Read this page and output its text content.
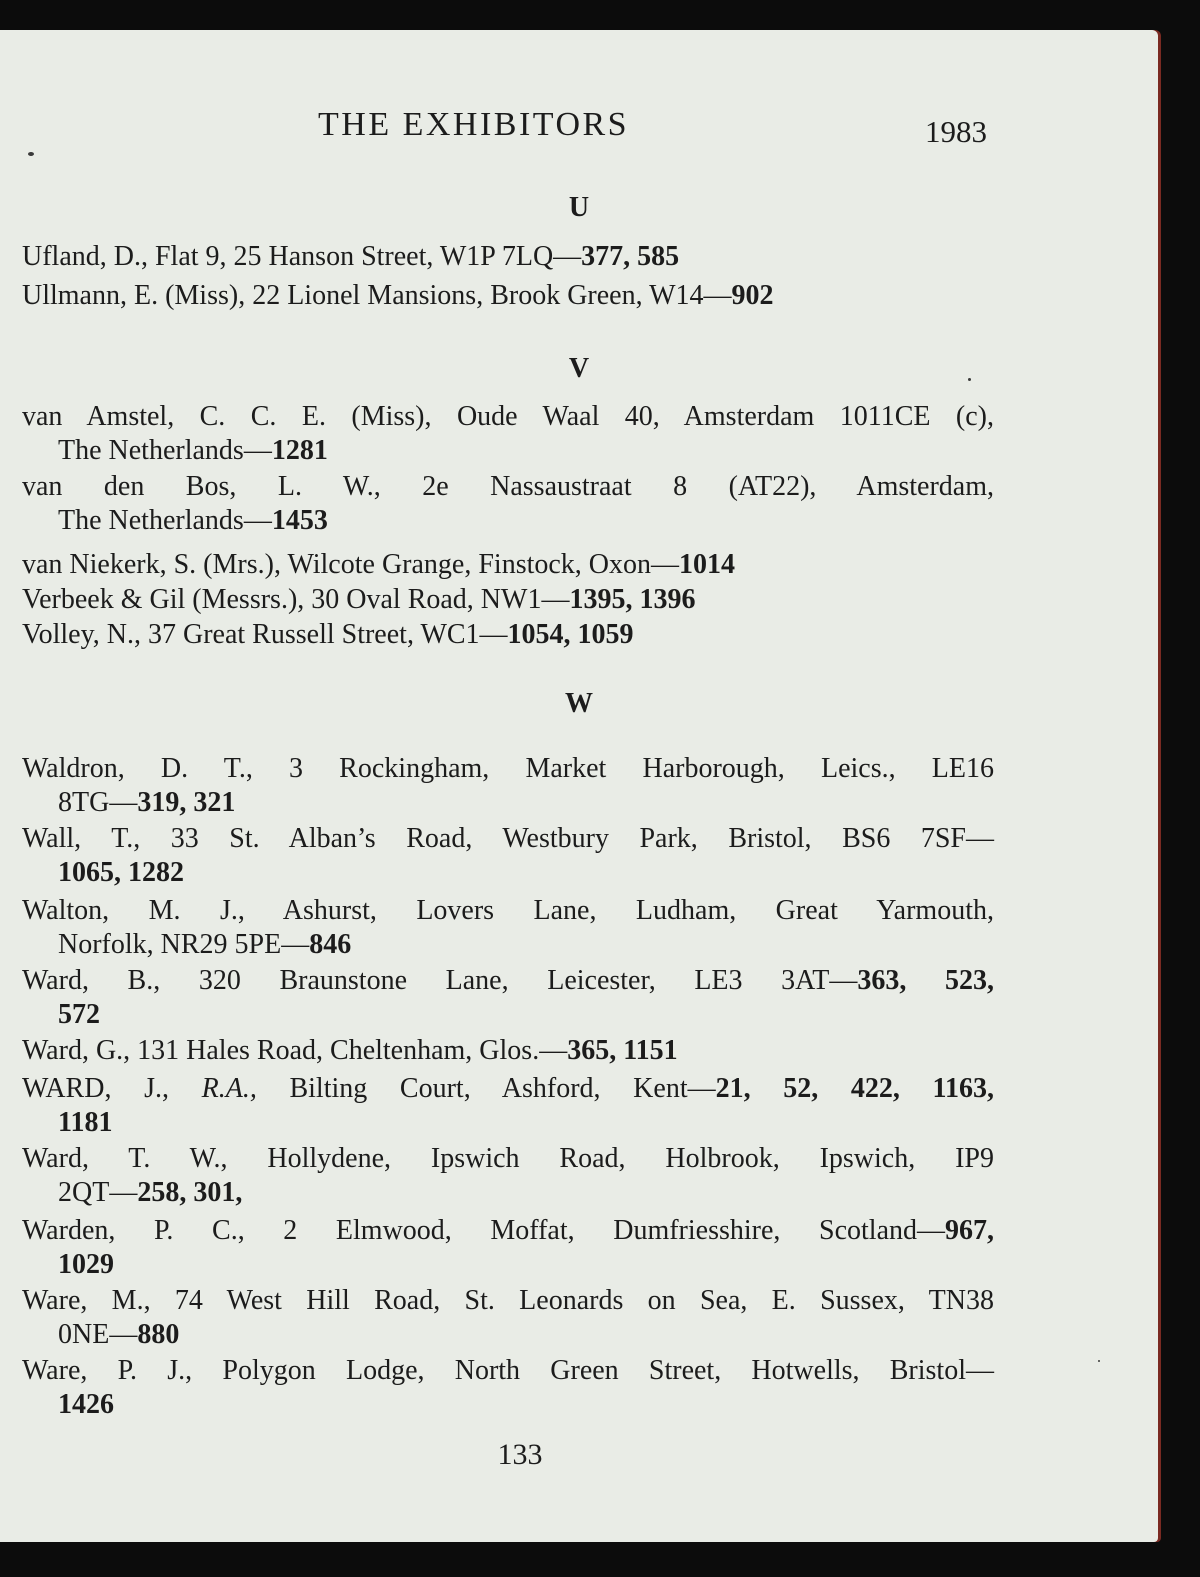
THE EXHIBITORS	1983
U
Ufland, D., Flat 9, 25 Hanson Street, W1P 7LQ—377, 585
Ullmann, E. (Miss), 22 Lionel Mansions, Brook Green, W14—902
V
van Amstel, C. C. E. (Miss), Oude Waal 40, Amsterdam 1011CE (c),
The Netherlands—1281
van den Bos, L. W., 2e Nassaustraat 8 (AT22), Amsterdam,
The Netherlands—1453
van Niekerk, S. (Mrs.), Wilcote Grange, Finstock, Oxon—1014
Verbeek & Gil (Messrs.), 30 Oval Road, NW1—1395, 1396
Volley, N., 37 Great Russell Street, WC1—1054, 1059
W
Waldron, D. T., 3 Rockingham, Market Harborough, Leics., LE16
8TG—319, 321
Wall, T., 33 St. Alban’s Road, Westbury Park, Bristol, BS6 7SF—
1065, 1282
Walton, M. J., Ashurst, Lovers Lane, Ludham, Great Yarmouth,
Norfolk, NR29 5PE—846
Ward, B., 320 Braunstone Lane, Leicester, LE3 3AT—363, 523,
572
Ward, G., 131 Hales Road, Cheltenham, Glos.—365, 1151
WARD, J., R.A., Bilting Court, Ashford, Kent—21, 52, 422, 1163,
1181
Ward, T. W., Hollydene, Ipswich Road, Holbrook, Ipswich, IP9
2QT—258, 301,
Warden, P. C., 2 Elmwood, Moffat, Dumfriesshire, Scotland—967,
1029
Ware, M., 74 West Hill Road, St. Leonards on Sea, E. Sussex, TN38
0NE—880
Ware, P. J., Polygon Lodge, North Green Street, Hotwells, Bristol—
1426
133
